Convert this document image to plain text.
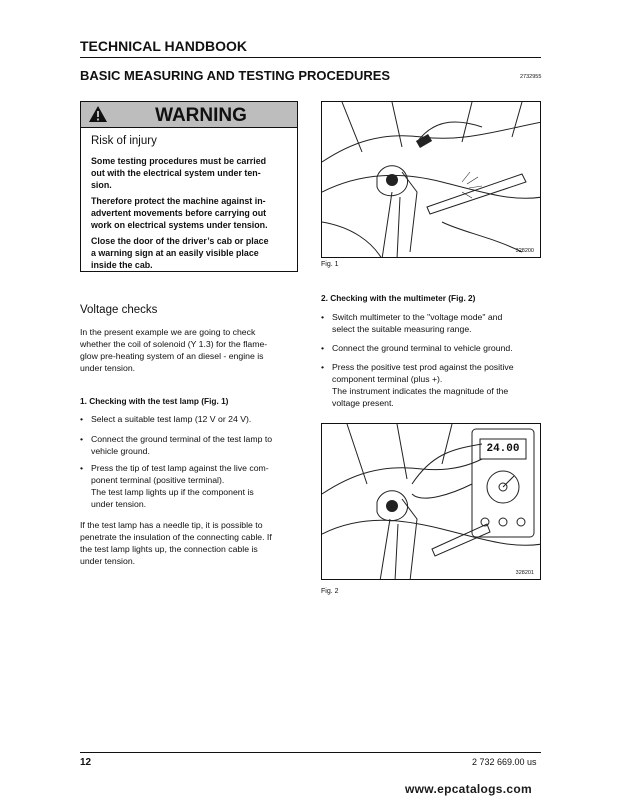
TECHNICAL HANDBOOK
BASIC MEASURING AND TESTING PROCEDURES	2732955
WARNING
Risk of injury
Some testing procedures must be carried
out with the electrical system under ten-
sion.
Therefore protect the machine against in-
advertent movements before carrying out
work on electrical systems under tension.
Close the door of the driver’s cab or place
a warning sign at an easily visible place
inside the cab.
328200
Fig. 1
Voltage checks
In the present example we are going to check
whether the coil of solenoid (Y 1.3) for the flame-
glow pre-heating system of an diesel - engine is
under tension.
1. Checking with the test lamp (Fig. 1)
• Select a suitable test lamp (12 V or 24 V).
• Connect the ground terminal of the test lamp to
vehicle ground.
• Press the tip of test lamp against the live com-
ponent terminal (positive terminal).
The test lamp lights up if the component is
under tension.
If the test lamp has a needle tip, it is possible to
penetrate the insulation of the connecting cable. If
the test lamp lights up, the connection cable is
under tension.
2. Checking with the multimeter (Fig. 2)
• Switch multimeter to the "voltage mode" and
select the suitable measuring range.
• Connect the ground terminal to vehicle ground.
• Press the positive test prod against the positive
component terminal (plus +).
The instrument indicates the magnitude of the
voltage present.
24.00
328201
Fig. 2
12	2 732 669.00 us
www.epcatalogs.com
